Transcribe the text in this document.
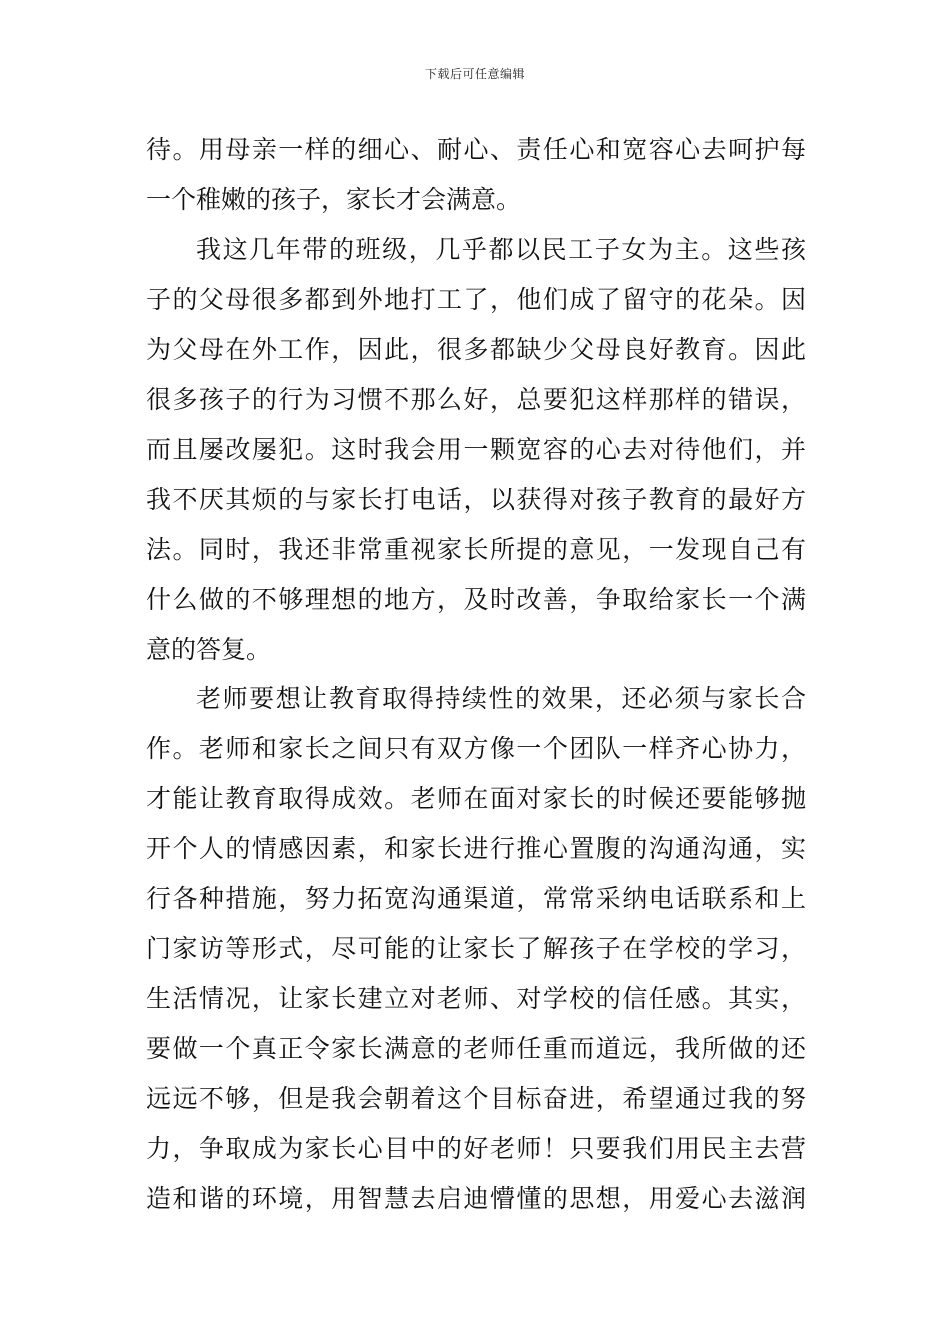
下载后可任意编辑
待。用母亲一样的细心、耐心、责任心和宽容心去呵护每
一个稚嫩的孩子，家长才会满意。
我这几年带的班级，几乎都以民工子女为主。这些孩
子的父母很多都到外地打工了，他们成了留守的花朵。因
为父母在外工作，因此，很多都缺少父母良好教育。因此
很多孩子的行为习惯不那么好，总要犯这样那样的错误，
而且屡改屡犯。这时我会用一颗宽容的心去对待他们，并
我不厌其烦的与家长打电话，以获得对孩子教育的最好方
法。同时，我还非常重视家长所提的意见，一发现自己有
什么做的不够理想的地方，及时改善，争取给家长一个满
意的答复。
老师要想让教育取得持续性的效果，还必须与家长合
作。老师和家长之间只有双方像一个团队一样齐心协力，
才能让教育取得成效。老师在面对家长的时候还要能够抛
开个人的情感因素，和家长进行推心置腹的沟通沟通，实
行各种措施，努力拓宽沟通渠道，常常采纳电话联系和上
门家访等形式，尽可能的让家长了解孩子在学校的学习，
生活情况，让家长建立对老师、对学校的信任感。其实，
要做一个真正令家长满意的老师任重而道远，我所做的还
远远不够，但是我会朝着这个目标奋进，希望通过我的努
力，争取成为家长心目中的好老师！只要我们用民主去营
造和谐的环境，用智慧去启迪懵懂的思想，用爱心去滋润
